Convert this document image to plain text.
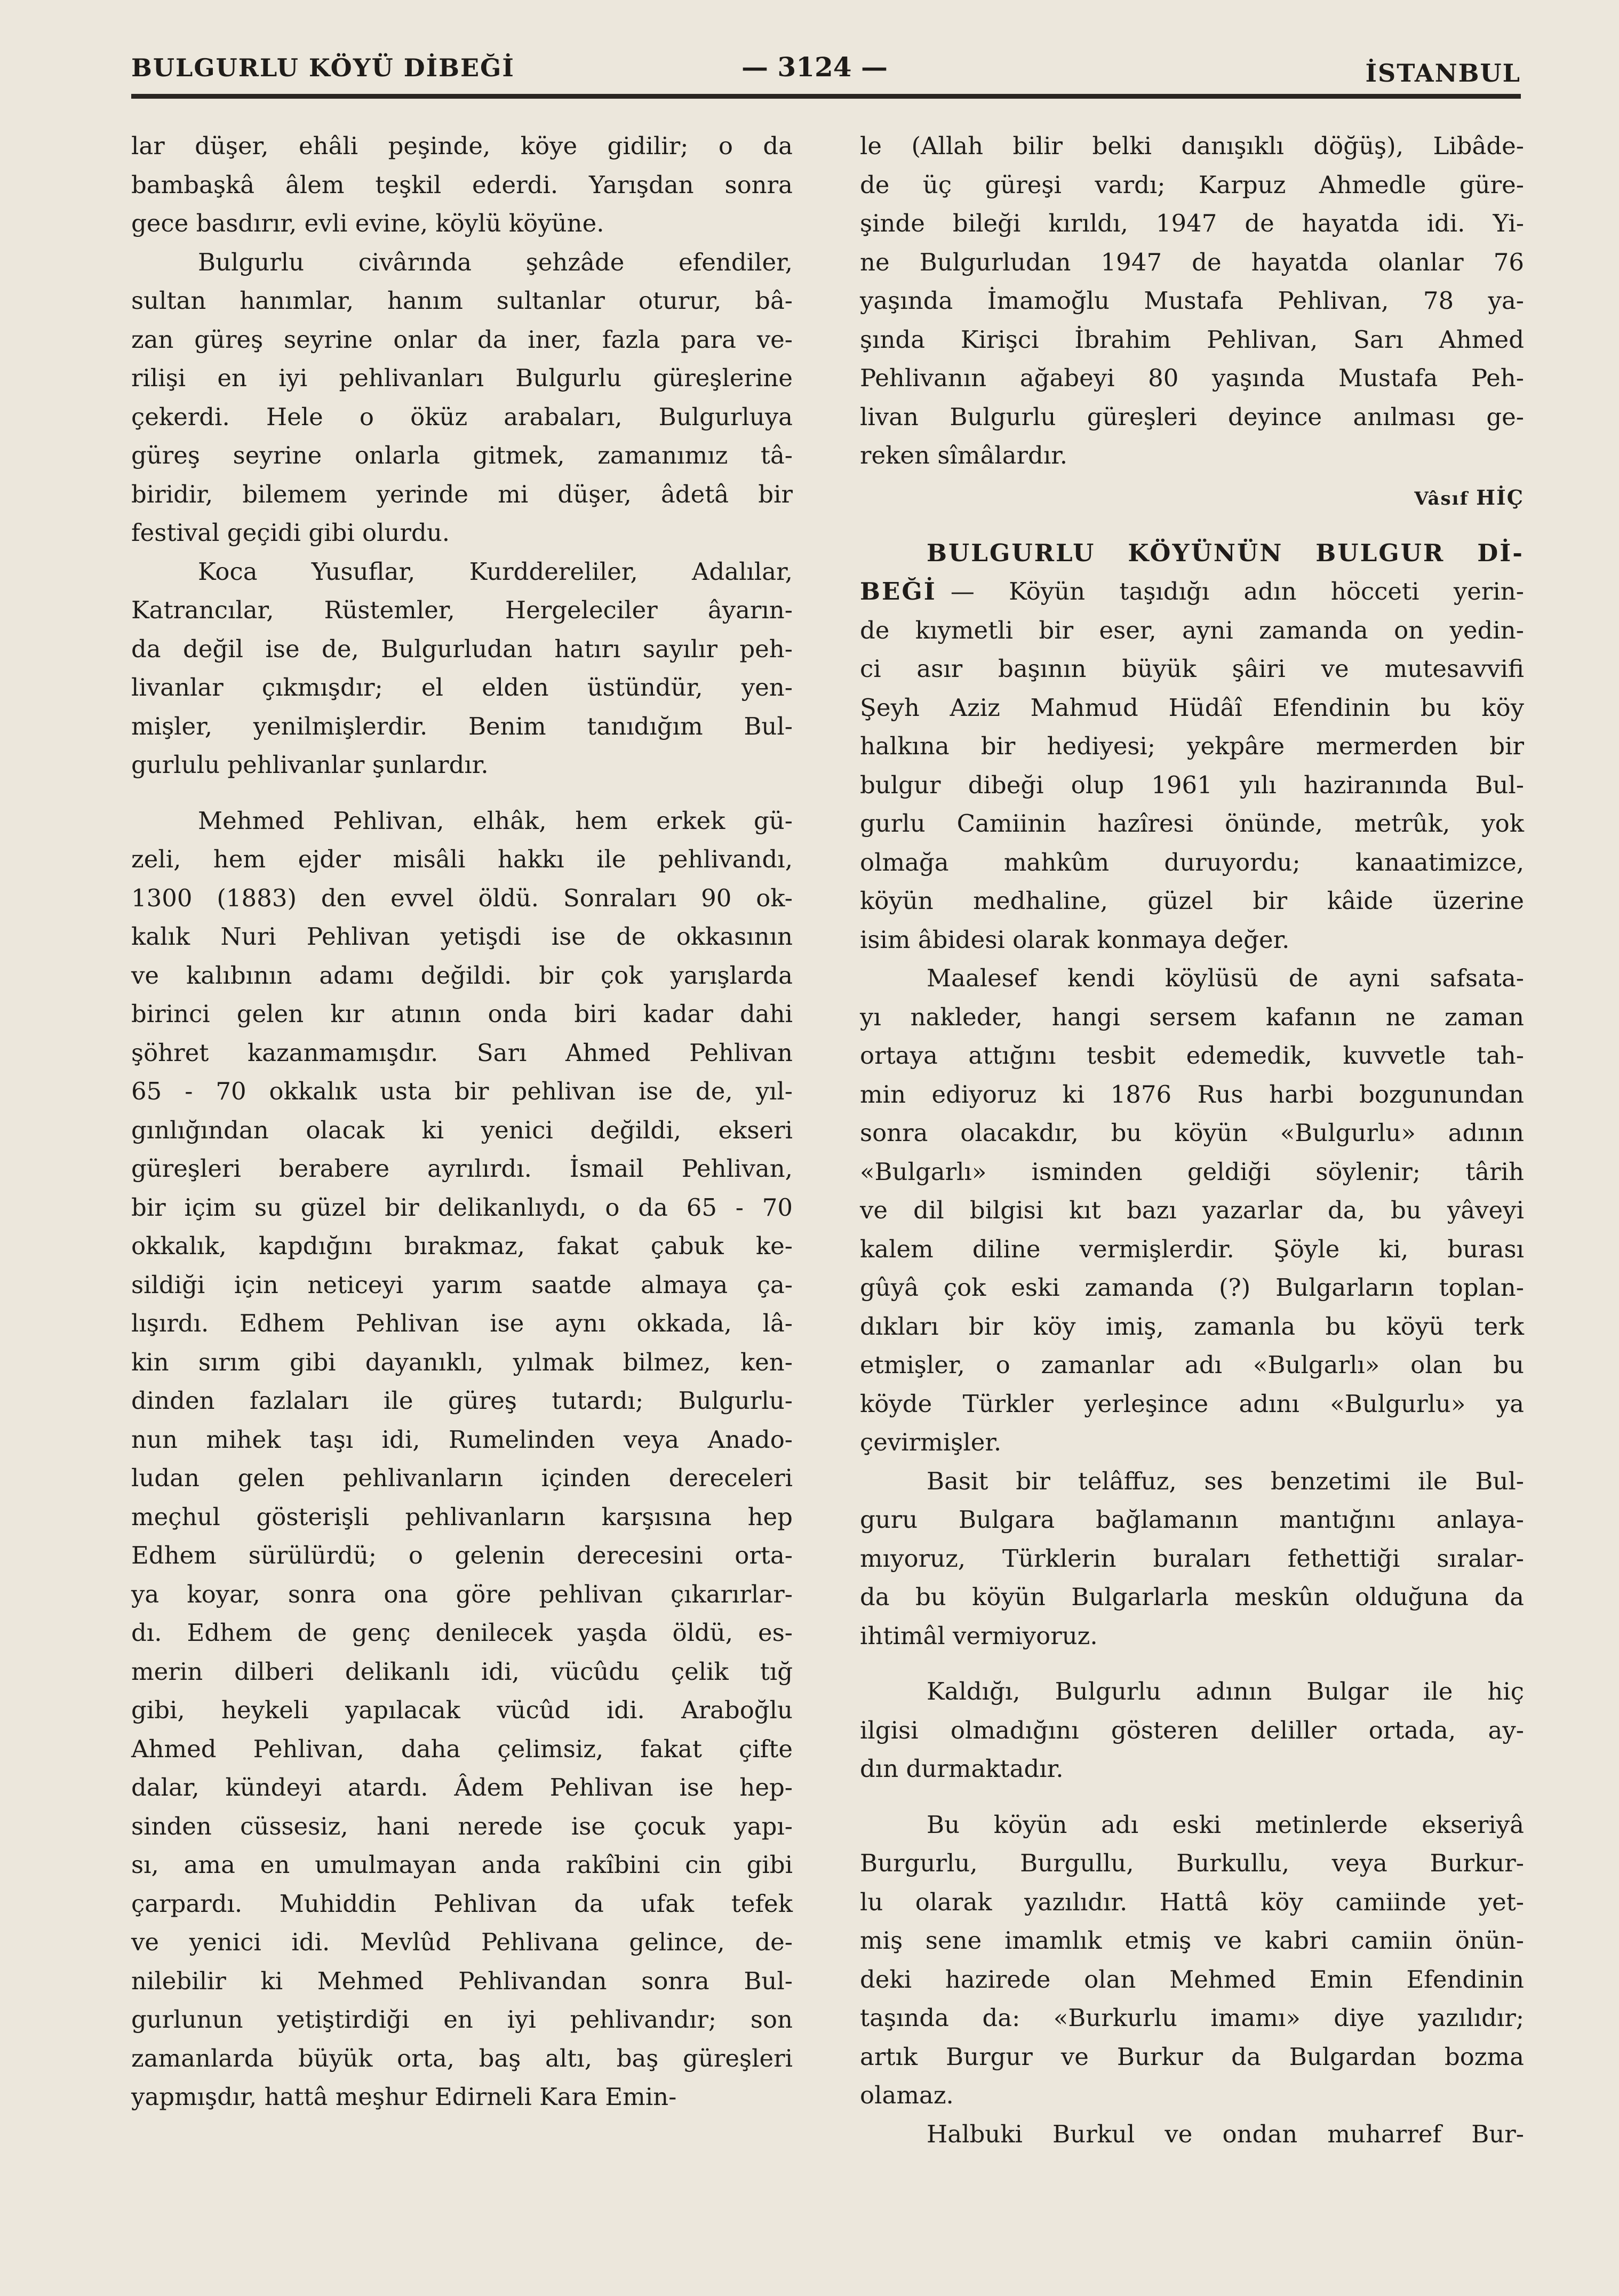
BULGURLU KÖYÜ DİBEĞİ	— 3124 —	İSTANBUL

lar düşer, ehâli peşinde, köye gidilir; o da
bambaşkâ âlem teşkil ederdi. Yarışdan sonra
gece basdırır, evli evine, köylü köyüne.

Bulgurlu civârında şehzâde efendiler,
sultan hanımlar, hanım sultanlar oturur, bâ-
zan güreş seyrine onlar da iner, fazla para ve-
rilişi en iyi pehlivanları Bulgurlu güreşlerine
çekerdi. Hele o öküz arabaları, Bulgurluya
güreş seyrine onlarla gitmek, zamanımız tâ-
biridir, bilemem yerinde mi düşer, âdetâ bir
festival geçidi gibi olurdu.

Koca Yusuflar, Kurddereliler, Adalılar,
Katrancılar, Rüstemler, Hergeleciler âyarın-
da değil ise de, Bulgurludan hatırı sayılır peh-
livanlar çıkmışdır; el elden üstündür, yen-
mişler, yenilmişlerdir. Benim tanıdığım Bul-
gurlulu pehlivanlar şunlardır.

Mehmed Pehlivan, elhâk, hem erkek gü-
zeli, hem ejder misâli hakkı ile pehlivandı,
1300 (1883) den evvel öldü. Sonraları 90 ok-
kalık Nuri Pehlivan yetişdi ise de okkasının
ve kalıbının adamı değildi. bir çok yarışlarda
birinci gelen kır atının onda biri kadar dahi
şöhret kazanmamışdır. Sarı Ahmed Pehlivan
65 - 70 okkalık usta bir pehlivan ise de, yıl-
gınlığından olacak ki yenici değildi, ekseri
güreşleri berabere ayrılırdı. İsmail Pehlivan,
bir içim su güzel bir delikanlıydı, o da 65 - 70
okkalık, kapdığını bırakmaz, fakat çabuk ke-
sildiği için neticeyi yarım saatde almaya ça-
lışırdı. Edhem Pehlivan ise aynı okkada, lâ-
kin sırım gibi dayanıklı, yılmak bilmez, ken-
dinden fazlaları ile güreş tutardı; Bulgurlu-
nun mihek taşı idi, Rumelinden veya Anado-
ludan gelen pehlivanların içinden dereceleri
meçhul gösterişli pehlivanların karşısına hep
Edhem sürülürdü; o gelenin derecesini orta-
ya koyar, sonra ona göre pehlivan çıkarırlar-
dı. Edhem de genç denilecek yaşda öldü, es-
merin dilberi delikanlı idi, vücûdu çelik tığ
gibi, heykeli yapılacak vücûd idi. Araboğlu
Ahmed Pehlivan, daha çelimsiz, fakat çifte
dalar, kündeyi atardı. Âdem Pehlivan ise hep-
sinden cüssesiz, hani nerede ise çocuk yapı-
sı, ama en umulmayan anda rakîbini cin gibi
çarpardı. Muhiddin Pehlivan da ufak tefek
ve yenici idi. Mevlûd Pehlivana gelince, de-
nilebilir ki Mehmed Pehlivandan sonra Bul-
gurlunun yetiştirdiği en iyi pehlivandır; son
zamanlarda büyük orta, baş altı, baş güreşleri
yapmışdır, hattâ meşhur Edirneli Kara Emin-

le (Allah bilir belki danışıklı döğüş), Libâde-
de üç güreşi vardı; Karpuz Ahmedle güre-
şinde bileği kırıldı, 1947 de hayatda idi. Yi-
ne Bulgurludan 1947 de hayatda olanlar 76
yaşında İmamoğlu Mustafa Pehlivan, 78 ya-
şında Kirişci İbrahim Pehlivan, Sarı Ahmed
Pehlivanın ağabeyi 80 yaşında Mustafa Peh-
livan Bulgurlu güreşleri deyince anılması ge-
reken sîmâlardır.

Vâsıf HİÇ
BULGURLU KÖYÜNÜN BULGUR Dİ-
BEĞİ — Köyün taşıdığı adın höcceti yerin-

de kıymetli bir eser, ayni zamanda on yedin-
ci asır başının büyük şâiri ve mutesavvifi
Şeyh Aziz Mahmud Hüdâî Efendinin bu köy
halkına bir hediyesi; yekpâre mermerden bir
bulgur dibeği olup 1961 yılı haziranında Bul-
gurlu Camiinin hazîresi önünde, metrûk, yok
olmağa mahkûm duruyordu; kanaatimizce,
köyün medhaline, güzel bir kâide üzerine
isim âbidesi olarak konmaya değer.

Maalesef kendi köylüsü de ayni safsata-
yı nakleder, hangi sersem kafanın ne zaman
ortaya attığını tesbit edemedik, kuvvetle tah-
min ediyoruz ki 1876 Rus harbi bozgunundan
sonra olacakdır, bu köyün «Bulgurlu» adının
«Bulgarlı» isminden geldiği söylenir; târih
ve dil bilgisi kıt bazı yazarlar da, bu yâveyi
kalem diline vermişlerdir. Şöyle ki, burası
gûyâ çok eski zamanda (?) Bulgarların toplan-
dıkları bir köy imiş, zamanla bu köyü terk
etmişler, o zamanlar adı «Bulgarlı» olan bu
köyde Türkler yerleşince adını «Bulgurlu» ya
çevirmişler.

Basit bir telâffuz, ses benzetimi ile Bul-
guru Bulgara bağlamanın mantığını anlaya-
mıyoruz, Türklerin buraları fethettiği sıralar-
da bu köyün Bulgarlarla meskûn olduğuna da
ihtimâl vermiyoruz.

Kaldığı, Bulgurlu adının Bulgar ile hiç
ilgisi olmadığını gösteren deliller ortada, ay-
dın durmaktadır.

Bu köyün adı eski metinlerde ekseriyâ
Burgurlu, Burgullu, Burkullu, veya Burkur-
lu olarak yazılıdır. Hattâ köy camiinde yet-
miş sene imamlık etmiş ve kabri camiin önün-
deki hazirede olan Mehmed Emin Efendinin
taşında da: «Burkurlu imamı» diye yazılıdır;
artık Burgur ve Burkur da Bulgardan bozma
olamaz.

Halbuki Burkul ve ondan muharref Bur-
